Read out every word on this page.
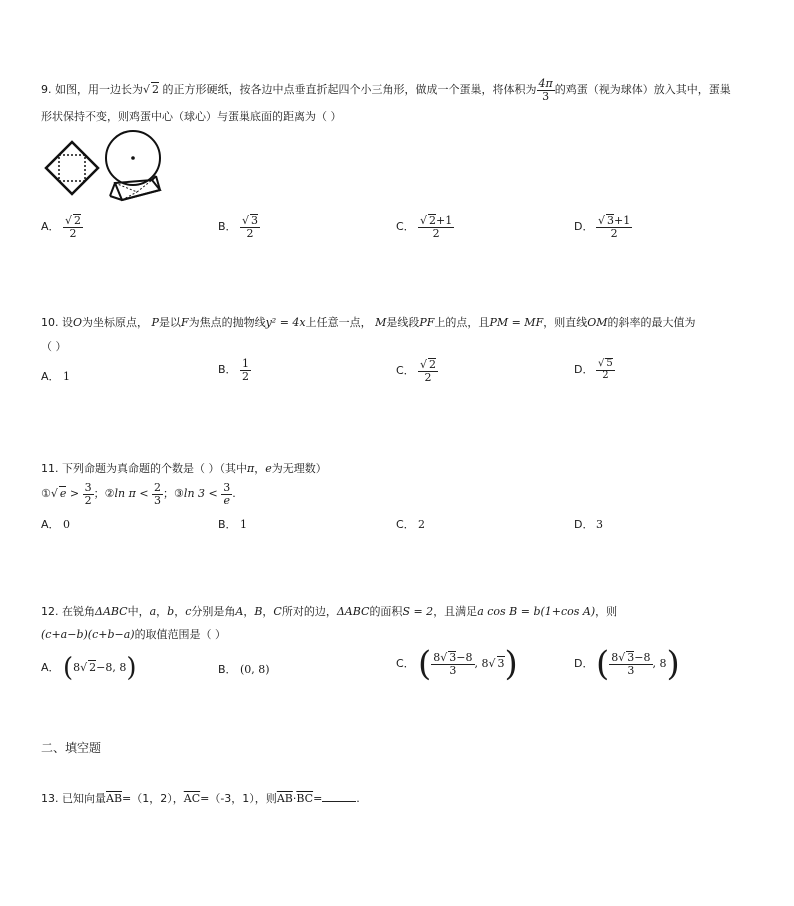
9. 如图，用一边长为√ 2 的正方形硬纸，按各边中点垂直折起四个小三角形，做成一个蛋巢，将体积为 $\frac{4\pi}{3}$ 的鸡蛋（视为球体）放入其中，蛋巢
形状保持不变，则鸡蛋中心（球心）与蛋巢底面的距离为（ ）
A． $\frac{√ 2}{2}$	B． $\frac{√ 3}{2}$	C． $\frac{√ 2+1}{2}$	D． $\frac{√ 3+1}{2}$
10. 设O为坐标原点， P是以F为焦点的抛物线y² = 4x上任意一点， M是线段PF上的点，且PM = MF，则直线OM的斜率的最大值为
（ ）
A． 1
B． $\frac{1}{2}$	C． $\frac{√ 2}{2}$	D． $\frac{√ 5}{2}$
11. 下列命题为真命题的个数是（ ）（其中π，e为无理数）
①√ $e > \frac{3}{2}$ ；②ln $\pi < \frac{2}{3}$ ；③ln $3 < \frac{3}{e}$ .
A． 0	B． 1	C． 2	D． 3
12. 在锐角ΔABC中，a，b，c分别是角A，B，C所对的边，ΔABC的面积S = 2，且满足a cos B = b(1+cos A)，则
(c+a−b)(c+b−a)的取值范围是（ ）
A． (8√ 2−8, 8)	B． (0, 8)	C．( $\frac{8√ 3-8}{3}$ , 8√ 3)	D．( $\frac{8√ 3-8}{3}$ , 8)
二、填空题
13. 已知向量$\overline{AB}=(1$，2），$\overline{AC}=(-3$，1），则$\overline{AB}\cdot\overline{BC}=$	.
